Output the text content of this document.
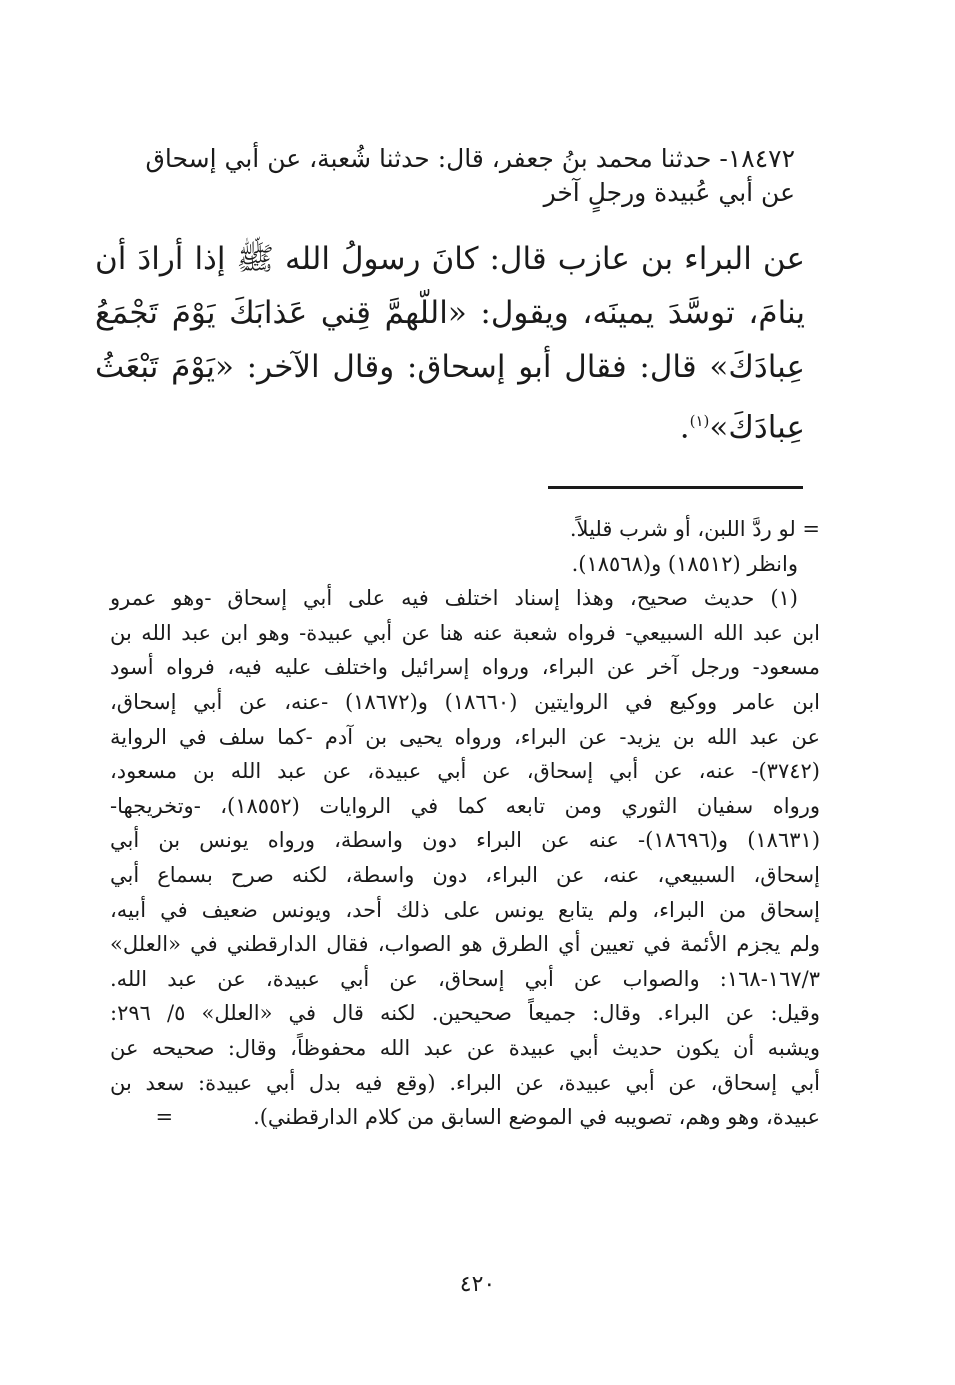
١٨٤٧٢- حدثنا محمد بنُ جعفر، قال: حدثنا شُعبة، عن أبي إسحاق

عن أبي عُبيدة ورجلٍ آخر

عن البراء بن عازب قال: كانَ رسولُ الله ﷺ إذا أرادَ أن ينامَ، توسَّدَ يمينَه، ويقول: «اللّهمَّ قِني عَذابَكَ يَوْمَ تَجْمَعُ عِبادَكَ» قال: فقال أبو إسحاق: وقال الآخر: «يَوْمَ تَبْعَثُ عِبادَكَ»$^{(١)}$.

= لو ردَّ اللبن، أو شرب قليلاً.

وانظر (١٨٥١٢) و(١٨٥٦٨).

(١) حديث صحيح، وهذا إسناد اختلف فيه على أبي إسحاق -وهو عمرو

ابن عبد الله السبيعي- فرواه شعبة عنه هنا عن أبي عبيدة- وهو ابن عبد الله بن

مسعود- ورجل آخر عن البراء، ورواه إسرائيل واختلف عليه فيه، فرواه أسود

ابن عامر ووكيع في الروايتين (١٨٦٦٠) و(١٨٦٧٢) -عنه، عن أبي إسحاق،

عن عبد الله بن يزيد- عن البراء، ورواه يحيى بن آدم -كما سلف في الرواية

(٣٧٤٢)- عنه، عن أبي إسحاق، عن أبي عبيدة، عن عبد الله بن مسعود،

ورواه سفيان الثوري ومن تابعه كما في الروايات (١٨٥٥٢)، -وتخريجها-

(١٨٦٣١) و(١٨٦٩٦)- عنه عن البراء دون واسطة، ورواه يونس بن أبي

إسحاق، السبيعي، عنه، عن البراء، دون واسطة، لكنه صرح بسماع أبي

إسحاق من البراء، ولم يتابع يونس على ذلك أحد، ويونس ضعيف في أبيه،

ولم يجزم الأئمة في تعيين أي الطرق هو الصواب، فقال الدارقطني في «العلل»

١٦٧/٣-١٦٨: والصواب عن أبي إسحاق، عن أبي عبيدة، عن عبد الله.

وقيل: عن البراء. وقال: جميعاً صحيحين. لكنه قال في «العلل» ٥/ ٢٩٦:

ويشبه أن يكون حديث أبي عبيدة عن عبد الله محفوظاً، وقال: صحيحه عن

أبي إسحاق، عن أبي عبيدة، عن البراء. (وقع فيه بدل أبي عبيدة: سعد بن

عبيدة، وهو وهم، تصويبه في الموضع السابق من كلام الدارقطني).=

٤٢٠
